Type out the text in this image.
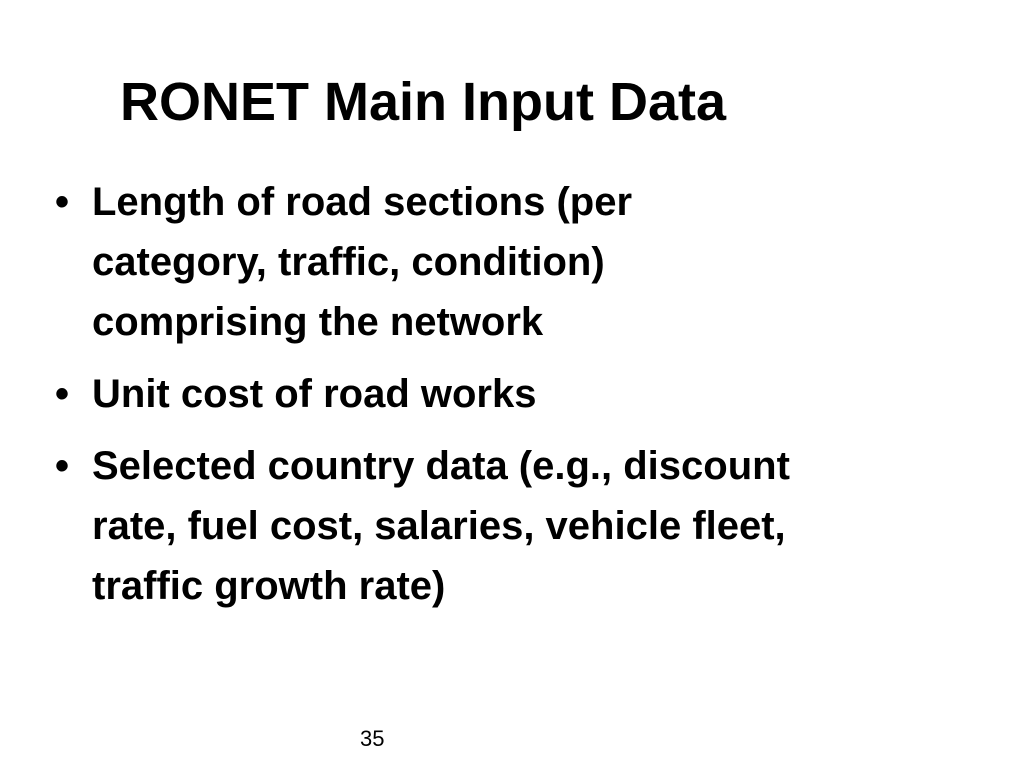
RONET Main Input Data
• Length of road sections (per
category, traffic, condition)
comprising the network
• Unit cost of road works
• Selected country data (e.g., discount
rate, fuel cost, salaries, vehicle fleet,
traffic growth rate)
35
